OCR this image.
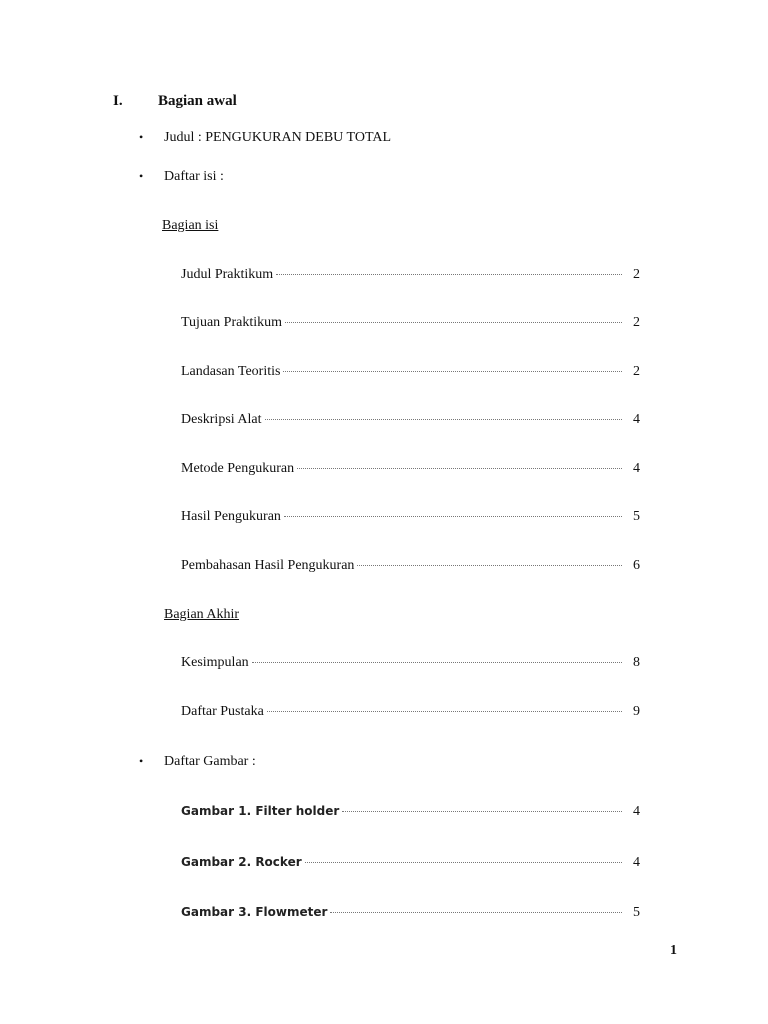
I. Bagian awal
• Judul : PENGUKURAN DEBU TOTAL
• Daftar isi :
Bagian isi
Judul Praktikum	2
Tujuan Praktikum	2
Landasan Teoritis	2
Deskripsi Alat	4
Metode Pengukuran	4
Hasil Pengukuran	5
Pembahasan Hasil Pengukuran	6
Bagian Akhir
Kesimpulan	8
Daftar Pustaka	9
• Daftar Gambar :
Gambar 1. Filter holder	4
Gambar 2. Rocker	4
Gambar 3. Flowmeter	5
1
